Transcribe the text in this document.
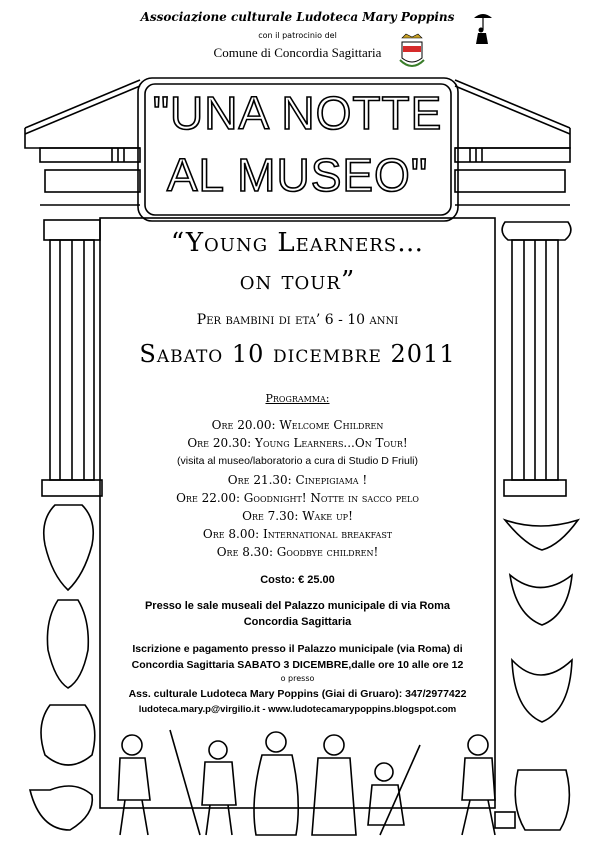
Associazione culturale Ludoteca Mary Poppins
con il patrocinio del
Comune di Concordia Sagittaria
"UNA NOTTE
AL MUSEO"
“Young Learners…
on tour”
Per bambini di eta’ 6 - 10 anni
Sabato 10 dicembre 2011
Programma:
Ore 20.00: Welcome Children
Ore 20.30: Young Learners...On Tour!
(visita al museo/laboratorio a cura di Studio D Friuli)
Ore 21.30: Cinepigiama !
Ore 22.00: Goodnight! Notte in sacco pelo
Ore 7.30: Wake up!
Ore 8.00: International breakfast
Ore 8.30: Goodbye children!
Costo: € 25.00
Presso le sale museali del Palazzo municipale di via Roma
Concordia Sagittaria
Iscrizione e pagamento presso il Palazzo municipale (via Roma) di
Concordia Sagittaria SABATO 3 DICEMBRE,dalle ore 10 alle ore 12
o presso
Ass. culturale Ludoteca Mary Poppins (Giai di Gruaro): 347/2977422
ludoteca.mary.p@virgilio.it - www.ludotecamarypoppins.blogspot.com
